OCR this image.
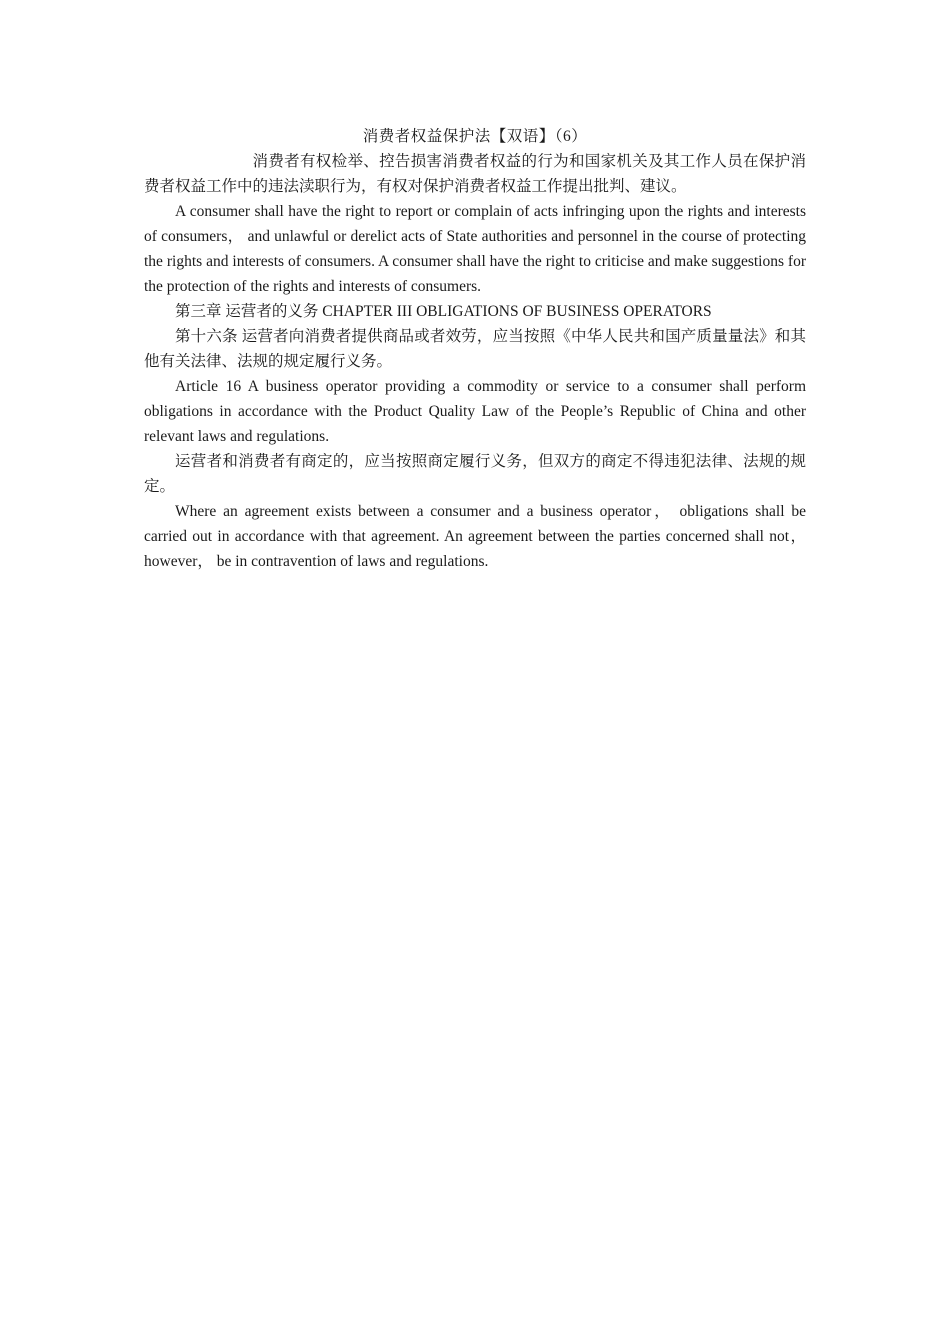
消费者权益保护法【双语】（6）

消费者有权检举、控告损害消费者权益的行为和国家机关及其工作人员在保护消费者权益工作中的违法渎职行为，有权对保护消费者权益工作提出批判、建议。

A consumer shall have the right to report or complain of acts infringing upon the rights and interests of consumers， and unlawful or derelict acts of State authorities and personnel in the course of protecting the rights and interests of consumers. A consumer shall have the right to criticise and make suggestions for the protection of the rights and interests of consumers.

第三章 运营者的义务 CHAPTER III OBLIGATIONS OF BUSINESS OPERATORS

第十六条 运营者向消费者提供商品或者效劳，应当按照《中华人民共和国产质量量法》和其他有关法律、法规的规定履行义务。

Article 16 A business operator providing a commodity or service to a consumer shall perform obligations in accordance with the Product Quality Law of the People’s Republic of China and other relevant laws and regulations.

运营者和消费者有商定的，应当按照商定履行义务，但双方的商定不得违犯法律、法规的规定。

Where an agreement exists between a consumer and a business operator， obligations shall be carried out in accordance with that agreement. An agreement between the parties concerned shall not， however， be in contravention of laws and regulations.
